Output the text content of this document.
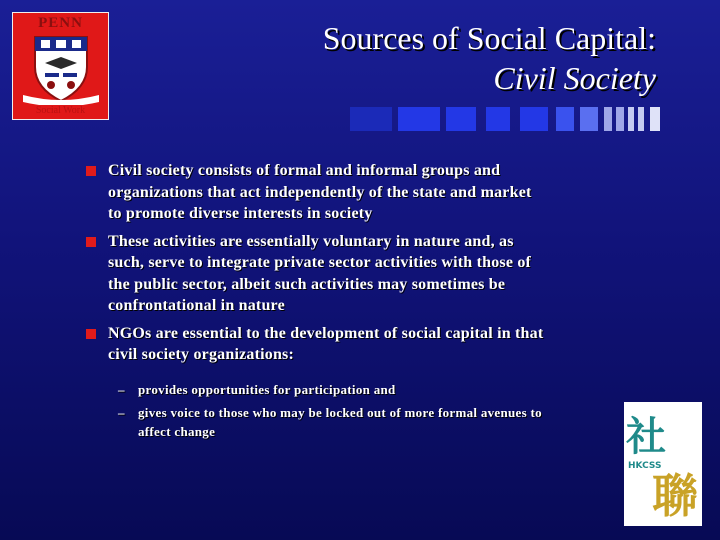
PENN
Social Work
Sources of Social Capital:
Civil Society
Civil society consists of formal and informal groups and
organizations that act independently of the state and market
to promote diverse interests in society
These activities are essentially voluntary in nature and, as
such, serve to integrate private sector activities with those of
the public sector, albeit such activities may sometimes be
confrontational in nature
NGOs are essential to the development of social capital in that
civil society organizations:
– provides opportunities for participation and
– gives voice to those who may be locked out of more formal avenues to
affect change	社
HKCSS
聯
